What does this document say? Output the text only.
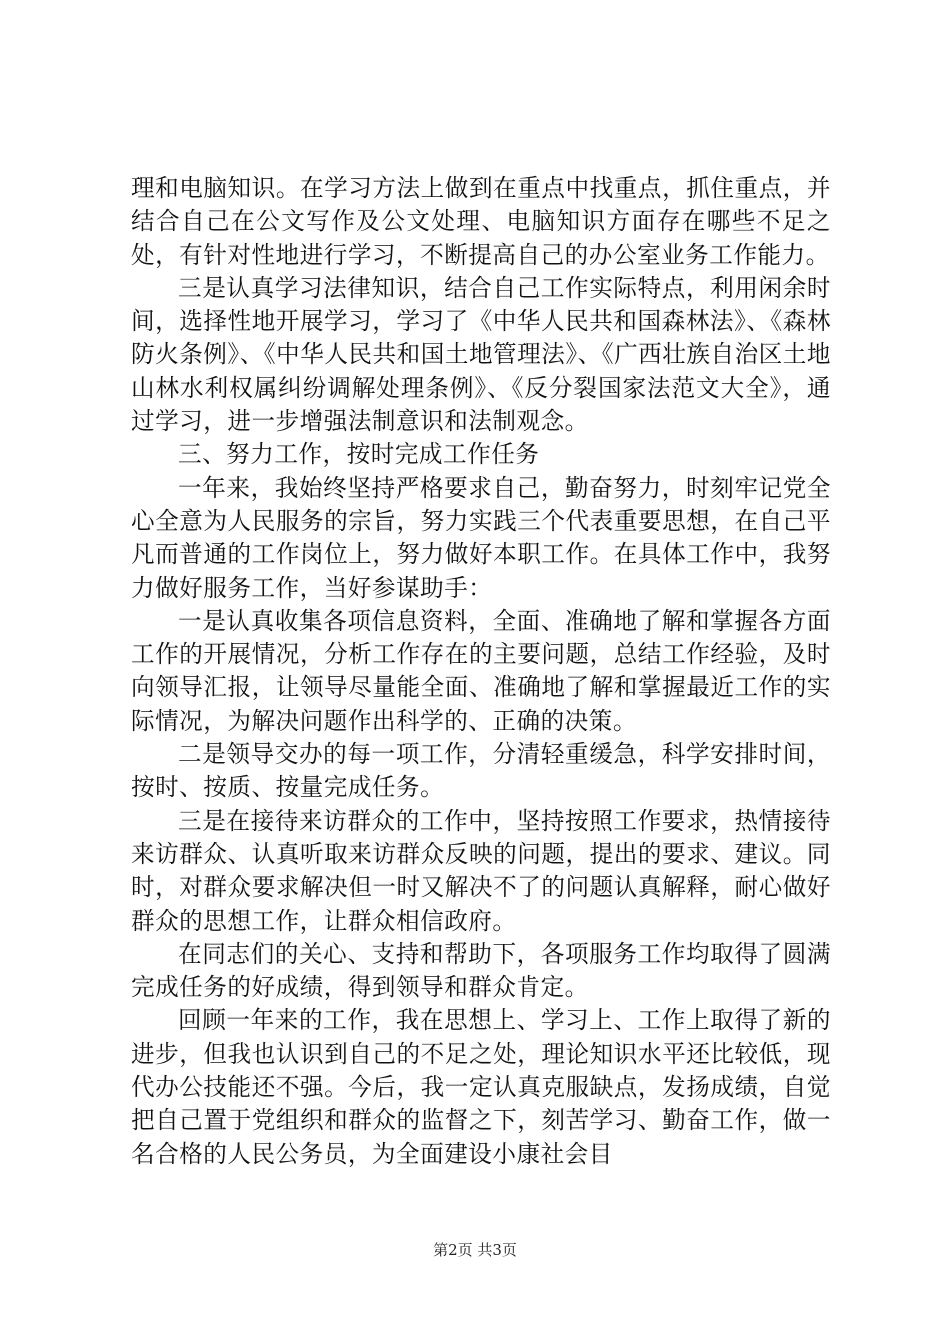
理和电脑知识。在学习方法上做到在重点中找重点，抓住重点，并结合自己在公文写作及公文处理、电脑知识方面存在哪些不足之处，有针对性地进行学习，不断提高自己的办公室业务工作能力。

三是认真学习法律知识，结合自己工作实际特点，利用闲余时间，选择性地开展学习，学习了《中华人民共和国森林法》、《森林防火条例》、《中华人民共和国土地管理法》、《广西壮族自治区土地山林水利权属纠纷调解处理条例》、《反分裂国家法范文大全》，通过学习，进一步增强法制意识和法制观念。

三、努力工作，按时完成工作任务

一年来，我始终坚持严格要求自己，勤奋努力，时刻牢记党全心全意为人民服务的宗旨，努力实践三个代表重要思想，在自己平凡而普通的工作岗位上，努力做好本职工作。在具体工作中，我努力做好服务工作，当好参谋助手：

一是认真收集各项信息资料，全面、准确地了解和掌握各方面工作的开展情况，分析工作存在的主要问题，总结工作经验，及时向领导汇报，让领导尽量能全面、准确地了解和掌握最近工作的实际情况，为解决问题作出科学的、正确的决策。

二是领导交办的每一项工作，分清轻重缓急，科学安排时间，按时、按质、按量完成任务。

三是在接待来访群众的工作中，坚持按照工作要求，热情接待来访群众、认真听取来访群众反映的问题，提出的要求、建议。同时，对群众要求解决但一时又解决不了的问题认真解释，耐心做好群众的思想工作，让群众相信政府。

在同志们的关心、支持和帮助下，各项服务工作均取得了圆满完成任务的好成绩，得到领导和群众肯定。

回顾一年来的工作，我在思想上、学习上、工作上取得了新的进步，但我也认识到自己的不足之处，理论知识水平还比较低，现代办公技能还不强。今后，我一定认真克服缺点，发扬成绩，自觉把自己置于党组织和群众的监督之下，刻苦学习、勤奋工作，做一名合格的人民公务员，为全面建设小康社会目

第2页 共3页
